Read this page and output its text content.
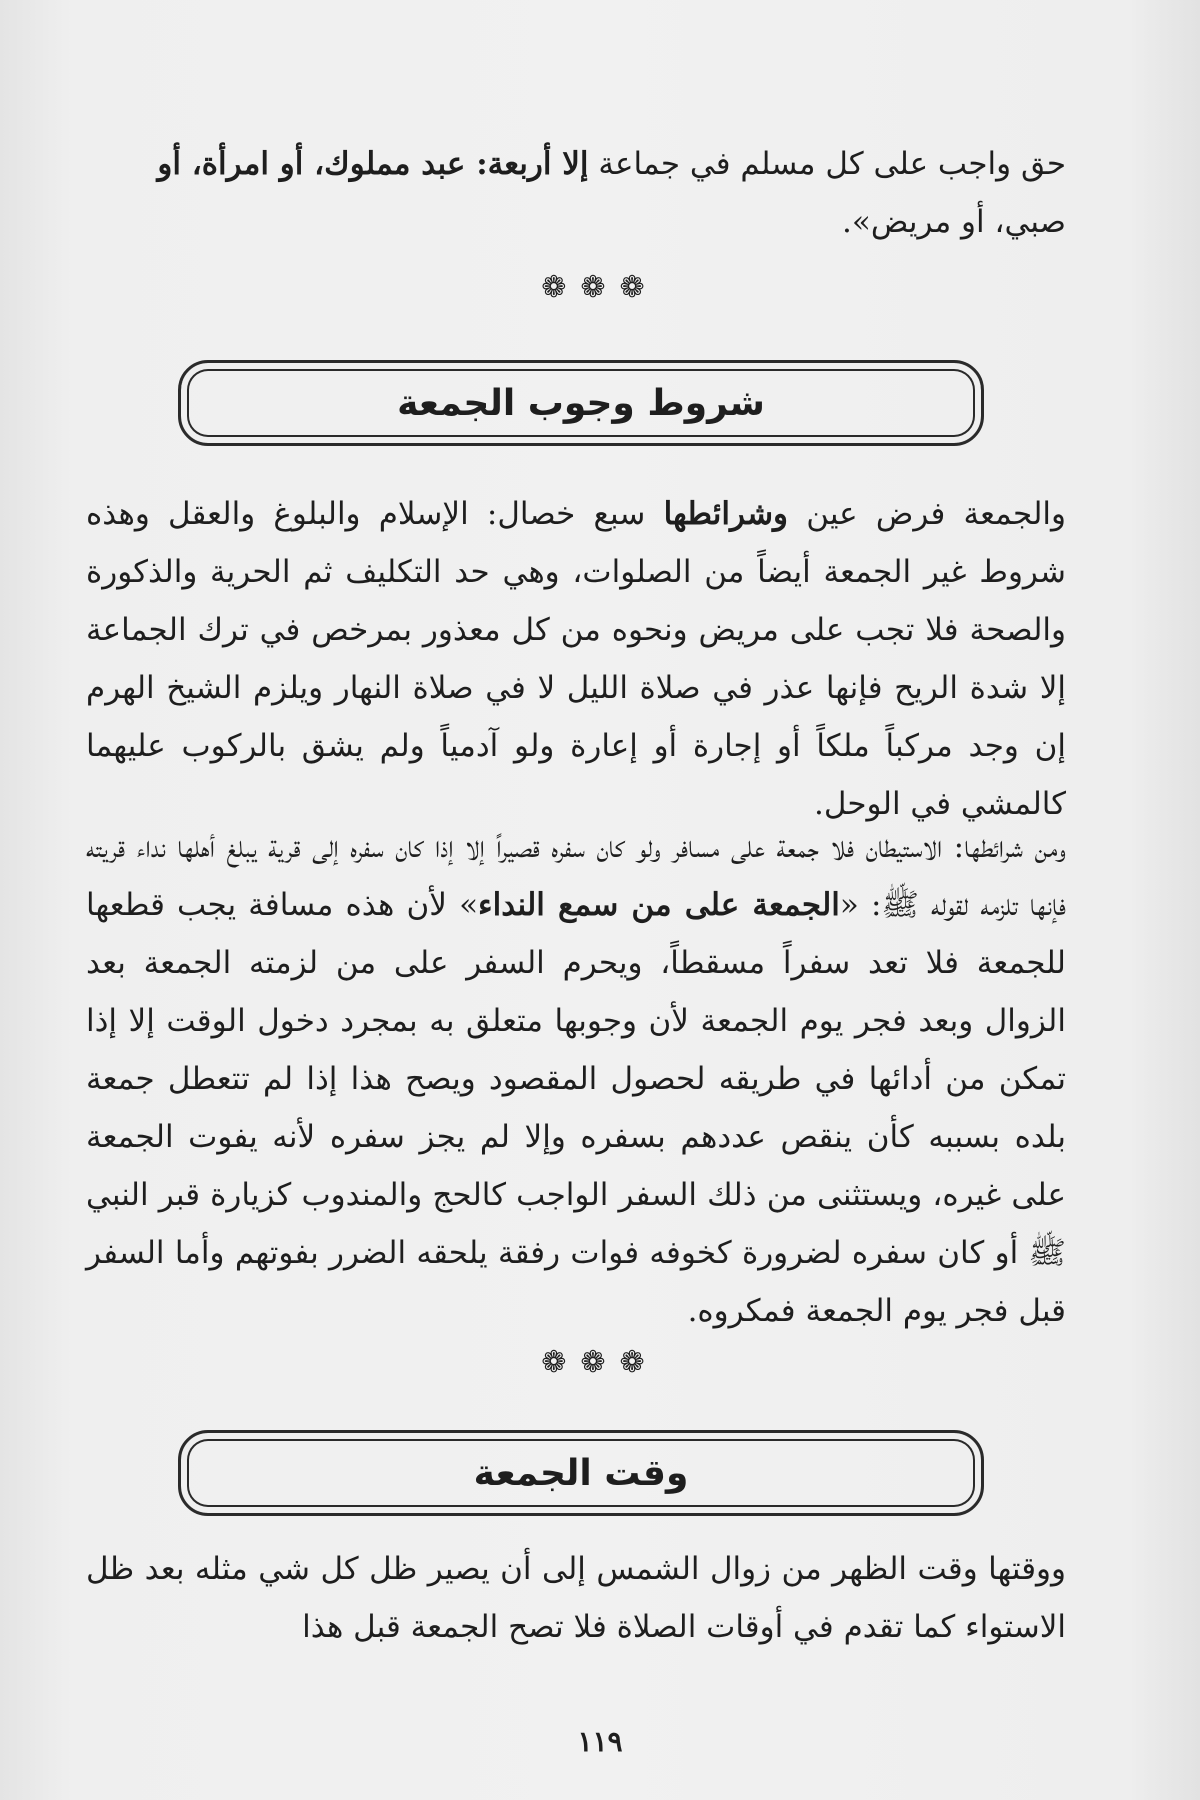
حق واجب على كل مسلم في جماعة إلا أربعة: عبد مملوك، أو امرأة، أو
صبي، أو مريض».
❁❁❁
شروط وجوب الجمعة
والجمعة فرض عين وشرائطها سبع خصال: الإسلام والبلوغ والعقل وهذه شروط غير الجمعة أيضاً من الصلوات، وهي حد التكليف ثم الحرية والذكورة والصحة فلا تجب على مريض ونحوه من كل معذور بمرخص في ترك الجماعة إلا شدة الريح فإنها عذر في صلاة الليل لا في صلاة النهار ويلزم الشيخ الهرم إن وجد مركباً ملكاً أو إجارة أو إعارة ولو آدمياً ولم يشق بالركوب عليهما كالمشي في الوحل.
ومن شرائطها: الاستيطان فلا جمعة على مسافر ولو كان سفره قصيراً إلا إذا كان سفره إلى قرية يبلغ أهلها نداء قريته فإنها تلزمه لقوله ﷺ: «الجمعة على من سمع النداء» لأن هذه مسافة يجب قطعها للجمعة فلا تعد سفراً مسقطاً، ويحرم السفر على من لزمته الجمعة بعد الزوال وبعد فجر يوم الجمعة لأن وجوبها متعلق به بمجرد دخول الوقت إلا إذا تمكن من أدائها في طريقه لحصول المقصود ويصح هذا إذا لم تتعطل جمعة بلده بسببه كأن ينقص عددهم بسفره وإلا لم يجز سفره لأنه يفوت الجمعة على غيره، ويستثنى من ذلك السفر الواجب كالحج والمندوب كزيارة قبر النبي ﷺ أو كان سفره لضرورة كخوفه فوات رفقة يلحقه الضرر بفوتهم وأما السفر قبل فجر يوم الجمعة فمكروه.
❁❁❁
وقت الجمعة
ووقتها وقت الظهر من زوال الشمس إلى أن يصير ظل كل شي مثله بعد ظل الاستواء كما تقدم في أوقات الصلاة فلا تصح الجمعة قبل هذا
١١٩
